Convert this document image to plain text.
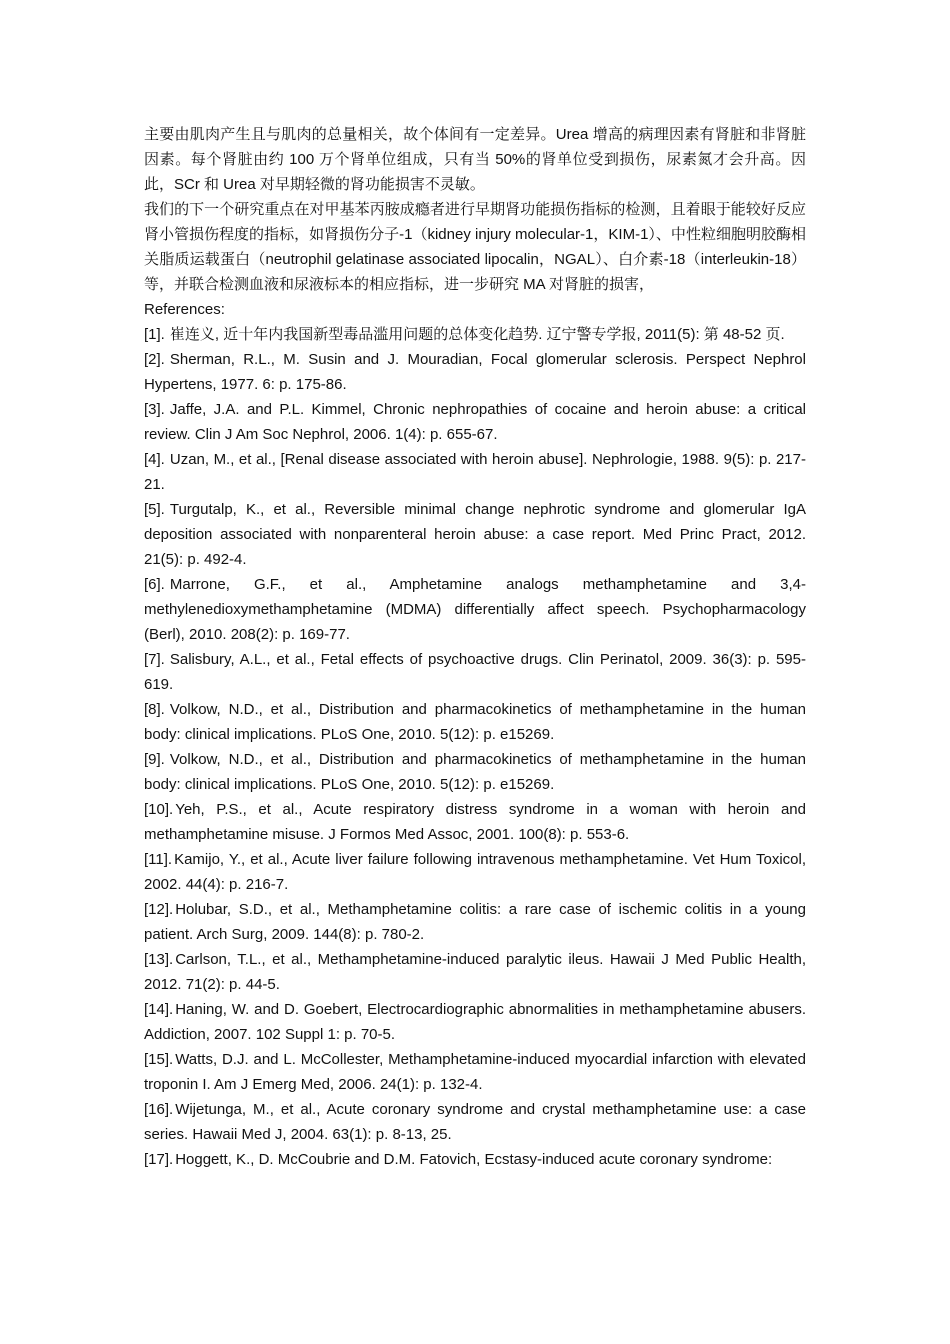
主要由肌肉产生且与肌肉的总量相关，故个体间有一定差异。Urea 增高的病理因素有肾脏和非肾脏因素。每个肾脏由约 100 万个肾单位组成，只有当 50%的肾单位受到损伤，尿素氮才会升高。因此，SCr 和 Urea 对早期轻微的肾功能损害不灵敏。

我们的下一个研究重点在对甲基苯丙胺成瘾者进行早期肾功能损伤指标的检测，且着眼于能较好反应肾小管损伤程度的指标，如肾损伤分子-1（kidney injury molecular-1，KIM-1）、中性粒细胞明胶酶相关脂质运载蛋白（neutrophil gelatinase associated lipocalin，NGAL）、白介素-18（interleukin-18）等，并联合检测血液和尿液标本的相应指标，进一步研究 MA 对肾脏的损害，

References:

[1]. 崔连义, 近十年内我国新型毒品滥用问题的总体变化趋势. 辽宁警专学报, 2011(5): 第 48-52 页.

[2]. Sherman, R.L., M. Susin and J. Mouradian, Focal glomerular sclerosis. Perspect Nephrol Hypertens, 1977. 6: p. 175-86.

[3]. Jaffe, J.A. and P.L. Kimmel, Chronic nephropathies of cocaine and heroin abuse: a critical review. Clin J Am Soc Nephrol, 2006. 1(4): p. 655-67.

[4]. Uzan, M., et al., [Renal disease associated with heroin abuse]. Nephrologie, 1988. 9(5): p. 217-21.

[5]. Turgutalp, K., et al., Reversible minimal change nephrotic syndrome and glomerular IgA deposition associated with nonparenteral heroin abuse: a case report. Med Princ Pract, 2012. 21(5): p. 492-4.

[6]. Marrone, G.F., et al., Amphetamine analogs methamphetamine and 3,4-methylenedioxymethamphetamine (MDMA) differentially affect speech. Psychopharmacology (Berl), 2010. 208(2): p. 169-77.

[7]. Salisbury, A.L., et al., Fetal effects of psychoactive drugs. Clin Perinatol, 2009. 36(3): p. 595-619.

[8]. Volkow, N.D., et al., Distribution and pharmacokinetics of methamphetamine in the human body: clinical implications. PLoS One, 2010. 5(12): p. e15269.

[9]. Volkow, N.D., et al., Distribution and pharmacokinetics of methamphetamine in the human body: clinical implications. PLoS One, 2010. 5(12): p. e15269.

[10]. Yeh, P.S., et al., Acute respiratory distress syndrome in a woman with heroin and methamphetamine misuse. J Formos Med Assoc, 2001. 100(8): p. 553-6.

[11]. Kamijo, Y., et al., Acute liver failure following intravenous methamphetamine. Vet Hum Toxicol, 2002. 44(4): p. 216-7.

[12]. Holubar, S.D., et al., Methamphetamine colitis: a rare case of ischemic colitis in a young patient. Arch Surg, 2009. 144(8): p. 780-2.

[13]. Carlson, T.L., et al., Methamphetamine-induced paralytic ileus. Hawaii J Med Public Health, 2012. 71(2): p. 44-5.

[14]. Haning, W. and D. Goebert, Electrocardiographic abnormalities in methamphetamine abusers. Addiction, 2007. 102 Suppl 1: p. 70-5.

[15]. Watts, D.J. and L. McCollester, Methamphetamine-induced myocardial infarction with elevated troponin I. Am J Emerg Med, 2006. 24(1): p. 132-4.

[16]. Wijetunga, M., et al., Acute coronary syndrome and crystal methamphetamine use: a case series. Hawaii Med J, 2004. 63(1): p. 8-13, 25.

[17]. Hoggett, K., D. McCoubrie and D.M. Fatovich, Ecstasy-induced acute coronary syndrome:
